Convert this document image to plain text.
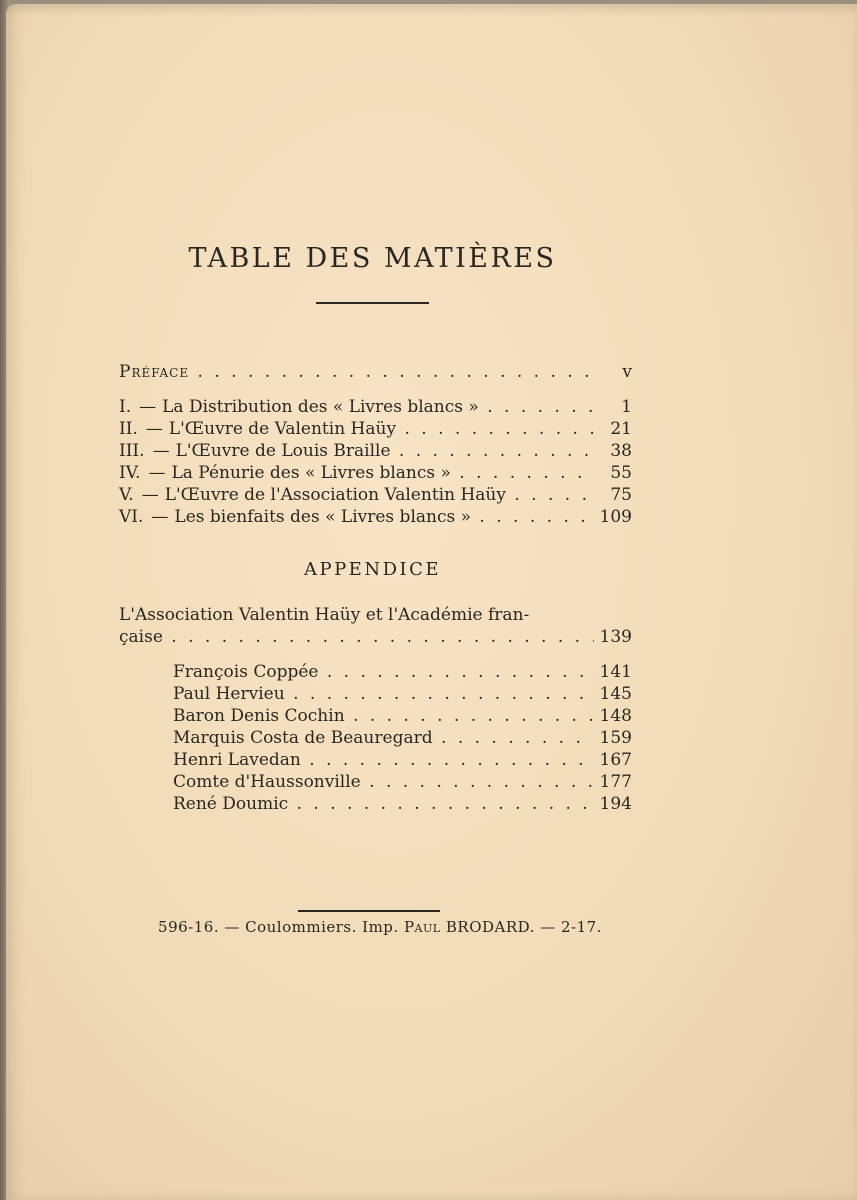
TABLE DES MATIÈRES
Préface . . .	v
I. — La Distribution des « Livres blancs » . . .	1
II. — L'Œuvre de Valentin Haüy . . .	21
III. — L'Œuvre de Louis Braille . . .	38
IV. — La Pénurie des « Livres blancs » . . .	55
V. — L'Œuvre de l'Association Valentin Haüy . . .	75
VI. — Les bienfaits des « Livres blancs » . . .	109
APPENDICE
L'Association Valentin Haüy et l'Académie fran-
çaise . . .	139
François Coppée . . .	141
Paul Hervieu . . .	145
Baron Denis Cochin . . .	148
Marquis Costa de Beauregard . . .	159
Henri Lavedan . . .	167
Comte d'Haussonville . . .	177
René Doumic . . .	194
596-16. — Coulommiers. Imp. Paul BRODARD. — 2-17.
